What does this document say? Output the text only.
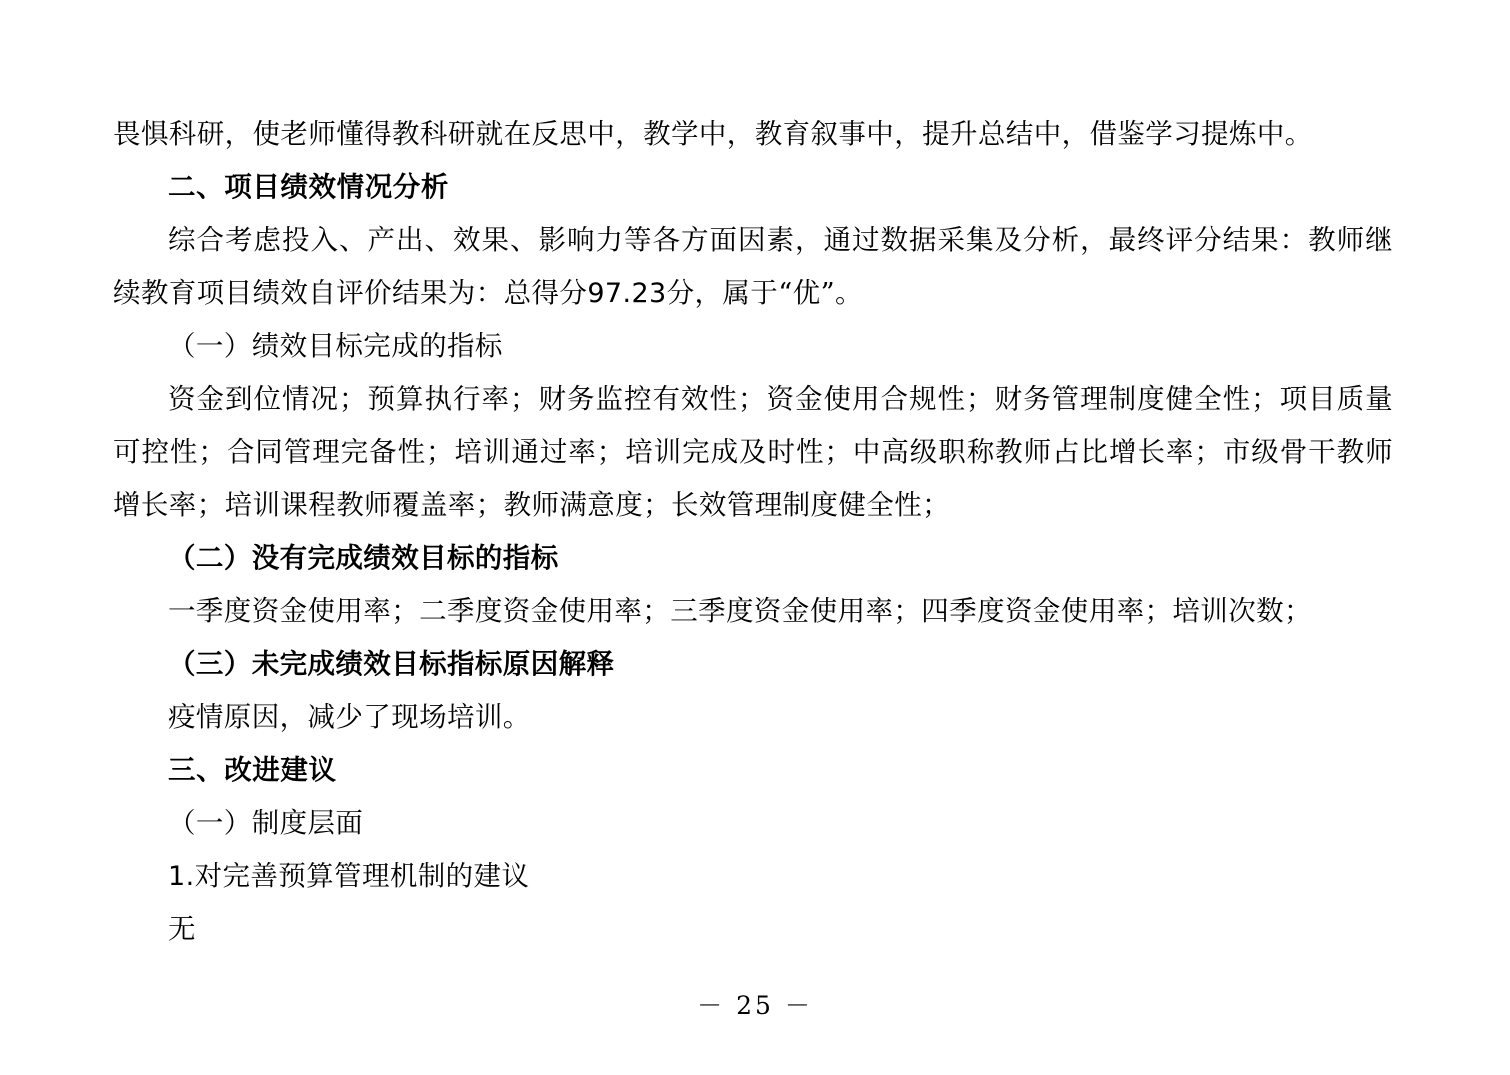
畏惧科研，使老师懂得教科研就在反思中，教学中，教育叙事中，提升总结中，借鉴学习提炼中。

二、项目绩效情况分析

综合考虑投入、产出、效果、影响力等各方面因素，通过数据采集及分析，最终评分结果：教师继续教育项目绩效自评价结果为：总得分97.23分，属于“优”。

（一）绩效目标完成的指标

资金到位情况；预算执行率；财务监控有效性；资金使用合规性；财务管理制度健全性；项目质量可控性；合同管理完备性；培训通过率；培训完成及时性；中高级职称教师占比增长率；市级骨干教师增长率；培训课程教师覆盖率；教师满意度；长效管理制度健全性；

（二）没有完成绩效目标的指标

一季度资金使用率；二季度资金使用率；三季度资金使用率；四季度资金使用率；培训次数；

（三）未完成绩效目标指标原因解释

疫情原因，减少了现场培训。

三、改进建议

（一）制度层面

1.对完善预算管理机制的建议

无

－ 25 －
